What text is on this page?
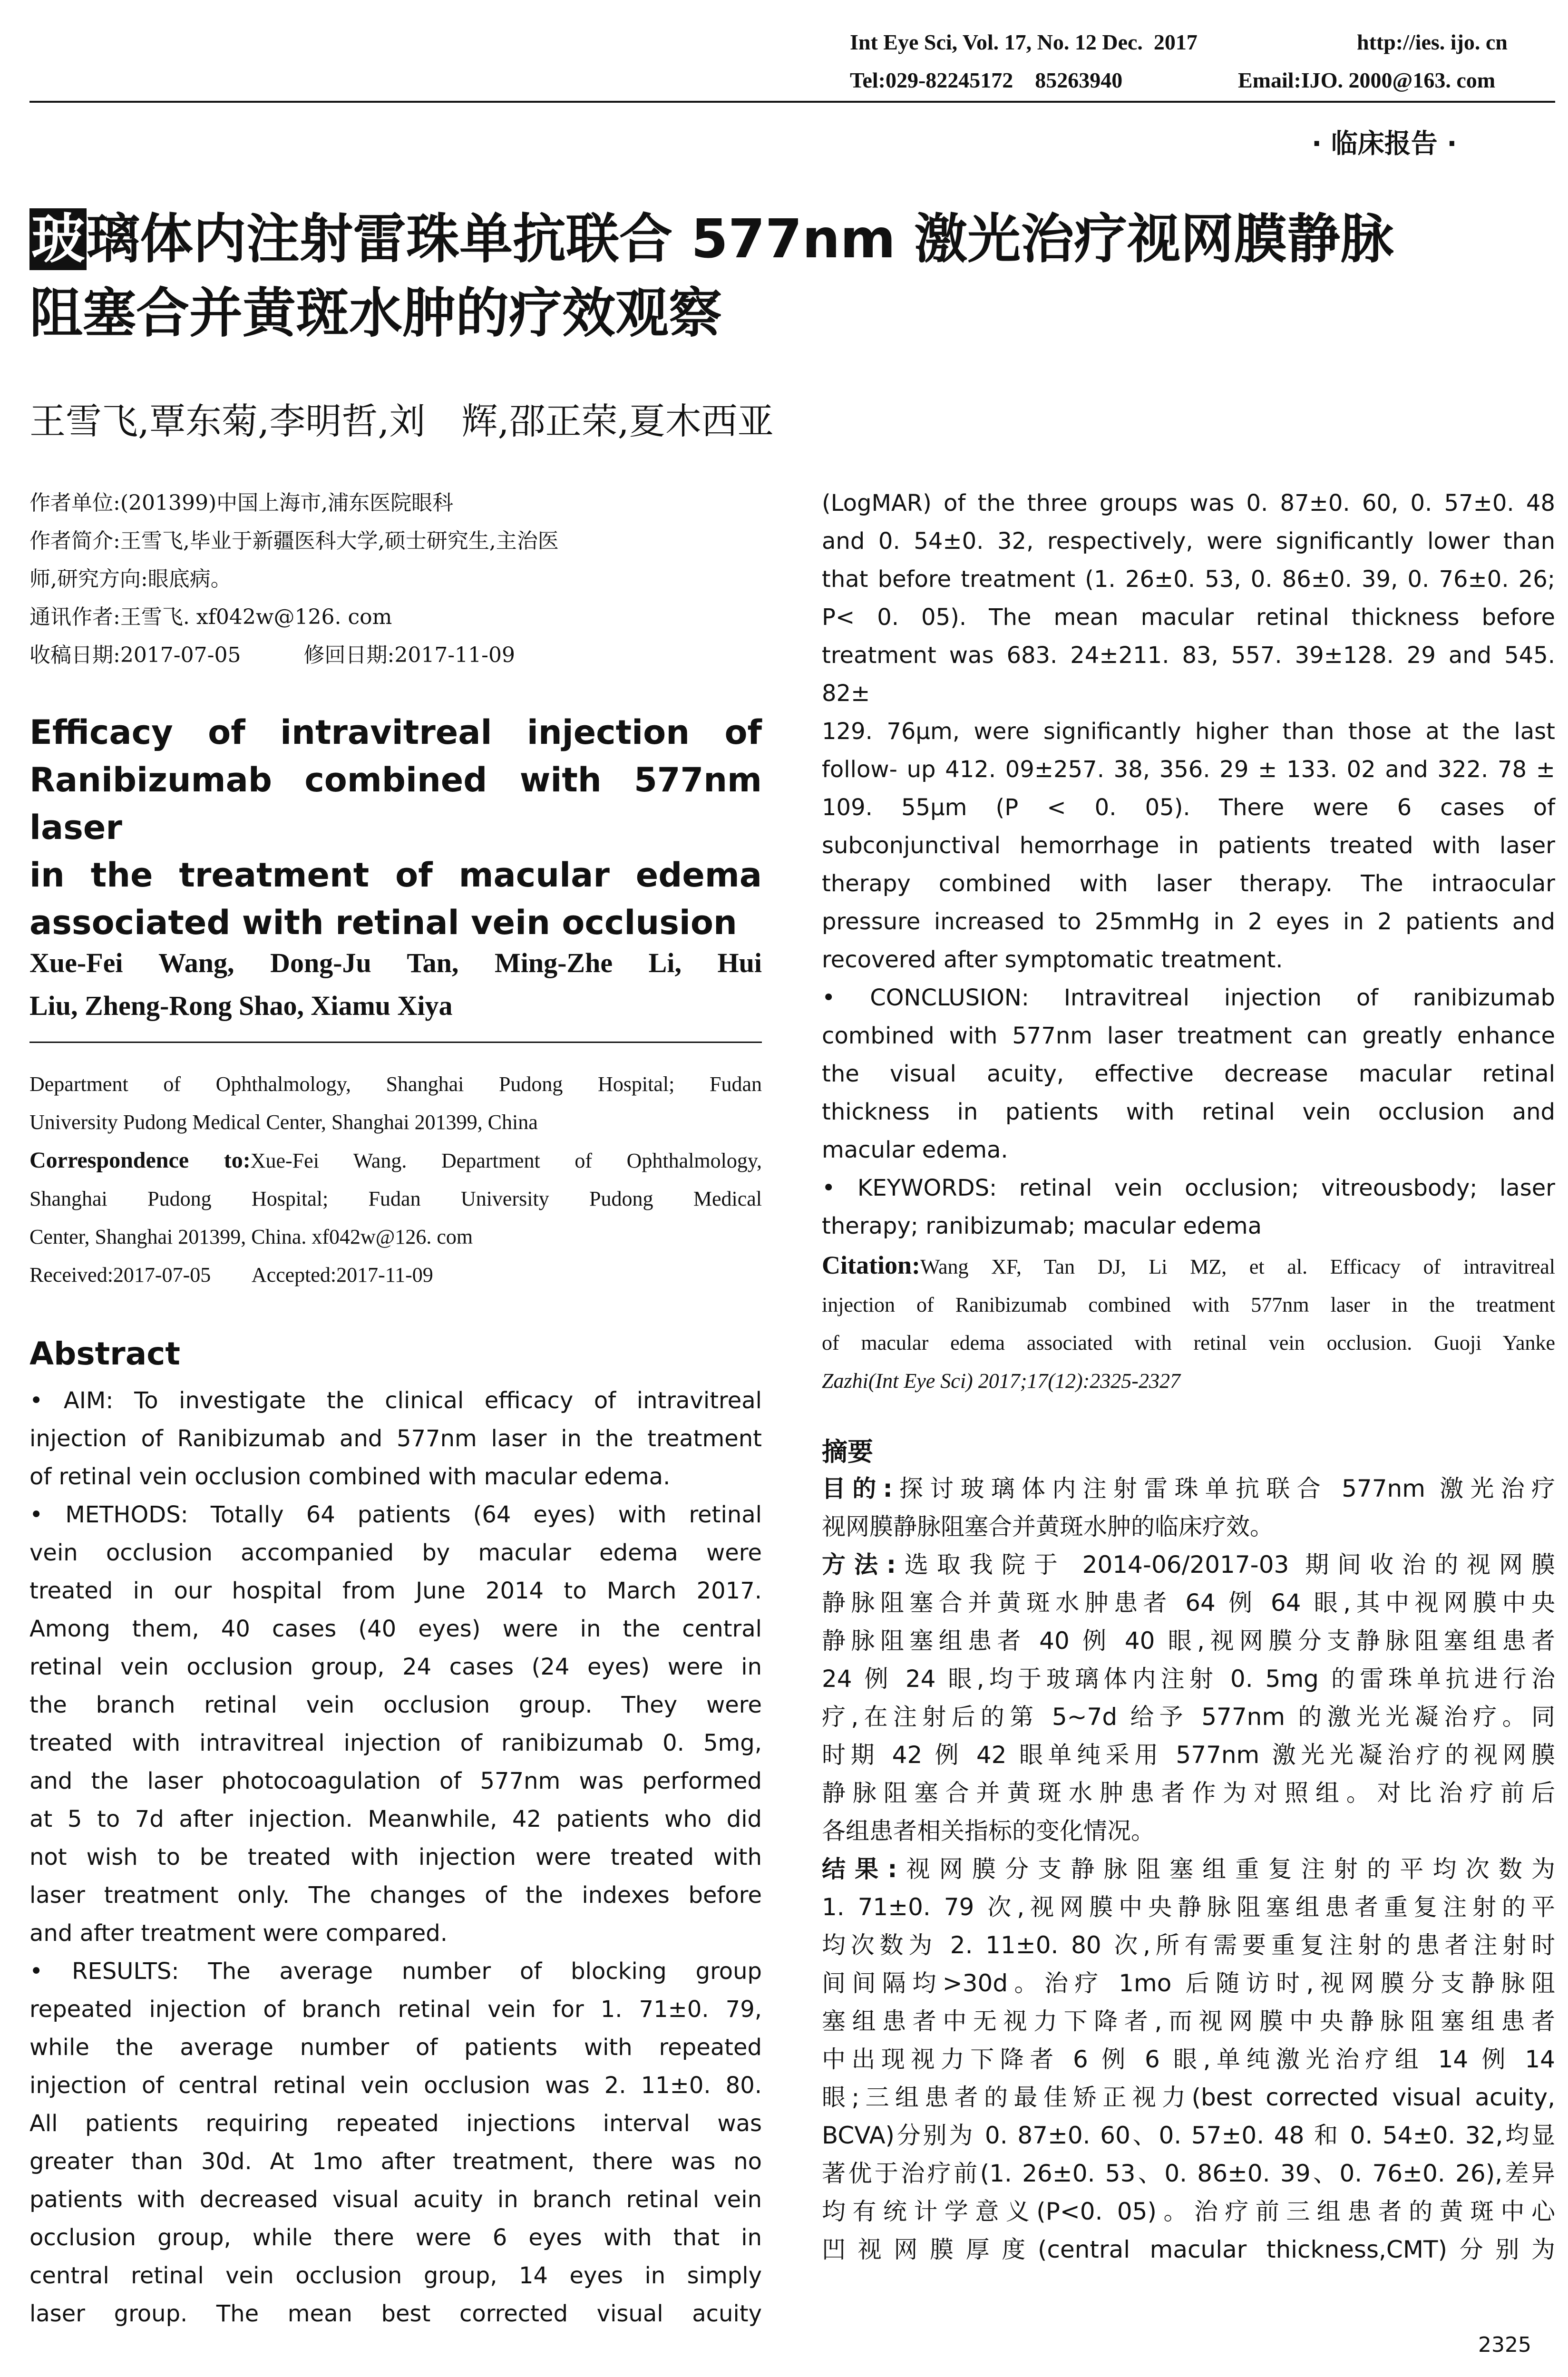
Int Eye Sci, Vol. 17, No. 12 Dec.  2017	http://ies. ijo. cn
Tel:029-82245172    85263940	Email:IJO. 2000@163. com
· 临床报告 ·
玻璃体内注射雷珠单抗联合 577nm 激光治疗视网膜静脉
阻塞合并黄斑水肿的疗效观察
王雪飞,覃东菊,李明哲,刘　辉,邵正荣,夏木西亚
作者单位:(201399)中国上海市,浦东医院眼科
作者简介:王雪飞,毕业于新疆医科大学,硕士研究生,主治医
师,研究方向:眼底病。
通讯作者:王雪飞. xf042w@126. com
收稿日期:2017-07-05　　　修回日期:2017-11-09
Efficacy of intravitreal injection of
Ranibizumab combined with 577nm laser
in the treatment of macular edema
associated with retinal vein occlusion
Xue-Fei Wang, Dong-Ju Tan, Ming-Zhe Li, Hui
Liu, Zheng-Rong Shao, Xiamu Xiya
Department of Ophthalmology, Shanghai Pudong Hospital; Fudan
University Pudong Medical Center, Shanghai 201399, China
Correspondence to:Xue-Fei Wang. Department of Ophthalmology,
Shanghai Pudong Hospital; Fudan University Pudong Medical
Center, Shanghai 201399, China. xf042w@126. com
Received:2017-07-05 Accepted:2017-11-09
Abstract
• AIM: To investigate the clinical efficacy of intravitreal
injection of Ranibizumab and 577nm laser in the treatment
of retinal vein occlusion combined with macular edema.
• METHODS: Totally 64 patients (64 eyes) with retinal
vein occlusion accompanied by macular edema were
treated in our hospital from June 2014 to March 2017.
Among them, 40 cases (40 eyes) were in the central
retinal vein occlusion group, 24 cases (24 eyes) were in
the branch retinal vein occlusion group. They were
treated with intravitreal injection of ranibizumab 0. 5mg,
and the laser photocoagulation of 577nm was performed
at 5 to 7d after injection. Meanwhile, 42 patients who did
not wish to be treated with injection were treated with
laser treatment only. The changes of the indexes before
and after treatment were compared.
• RESULTS: The average number of blocking group
repeated injection of branch retinal vein for 1. 71±0. 79,
while the average number of patients with repeated
injection of central retinal vein occlusion was 2. 11±0. 80.
All patients requiring repeated injections interval was
greater than 30d. At 1mo after treatment, there was no
patients with decreased visual acuity in branch retinal vein
occlusion group, while there were 6 eyes with that in
central retinal vein occlusion group, 14 eyes in simply
laser group. The mean best corrected visual acuity
(LogMAR) of the three groups was 0. 87±0. 60, 0. 57±0. 48
and 0. 54±0. 32, respectively, were significantly lower than
that before treatment (1. 26±0. 53, 0. 86±0. 39, 0. 76±0. 26;
P< 0. 05). The mean macular retinal thickness before
treatment was 683. 24±211. 83, 557. 39±128. 29 and 545. 82±
129. 76μm, were significantly higher than those at the last
follow- up 412. 09±257. 38, 356. 29 ± 133. 02 and 322. 78 ±
109. 55μm (P < 0. 05). There were 6 cases of
subconjunctival hemorrhage in patients treated with laser
therapy combined with laser therapy. The intraocular
pressure increased to 25mmHg in 2 eyes in 2 patients and
recovered after symptomatic treatment.
• CONCLUSION: Intravitreal injection of ranibizumab
combined with 577nm laser treatment can greatly enhance
the visual acuity, effective decrease macular retinal
thickness in patients with retinal vein occlusion and
macular edema.
• KEYWORDS: retinal vein occlusion; vitreousbody; laser
therapy; ranibizumab; macular edema
Citation:Wang XF, Tan DJ, Li MZ, et al. Efficacy of intravitreal
injection of Ranibizumab combined with 577nm laser in the treatment
of macular edema associated with retinal vein occlusion. Guoji Yanke
Zazhi(Int Eye Sci) 2017;17(12):2325-2327
摘要
目的:探讨玻璃体内注射雷珠单抗联合 577nm 激光治疗
视网膜静脉阻塞合并黄斑水肿的临床疗效。
方法:选取我院于 2014-06/2017-03 期间收治的视网膜
静脉阻塞合并黄斑水肿患者 64 例 64 眼,其中视网膜中央
静脉阻塞组患者 40 例 40 眼,视网膜分支静脉阻塞组患者
24 例 24 眼,均于玻璃体内注射 0. 5mg 的雷珠单抗进行治
疗,在注射后的第 5~7d 给予 577nm 的激光光凝治疗。同
时期 42 例 42 眼单纯采用 577nm 激光光凝治疗的视网膜
静脉阻塞合并黄斑水肿患者作为对照组。对比治疗前后
各组患者相关指标的变化情况。
结果:视网膜分支静脉阻塞组重复注射的平均次数为
1. 71±0. 79 次,视网膜中央静脉阻塞组患者重复注射的平
均次数为 2. 11±0. 80 次,所有需要重复注射的患者注射时
间间隔均>30d。治疗 1mo 后随访时,视网膜分支静脉阻
塞组患者中无视力下降者,而视网膜中央静脉阻塞组患者
中出现视力下降者 6 例 6 眼,单纯激光治疗组 14 例 14
眼;三组患者的最佳矫正视力(best corrected visual acuity,
BCVA)分别为 0. 87±0. 60、0. 57±0. 48 和 0. 54±0. 32,均显
著优于治疗前(1. 26±0. 53、0. 86±0. 39、0. 76±0. 26),差异
均有统计学意义(P<0. 05)。治疗前三组患者的黄斑中心
凹视网膜厚度(central macular thickness,CMT)分别为
2325
